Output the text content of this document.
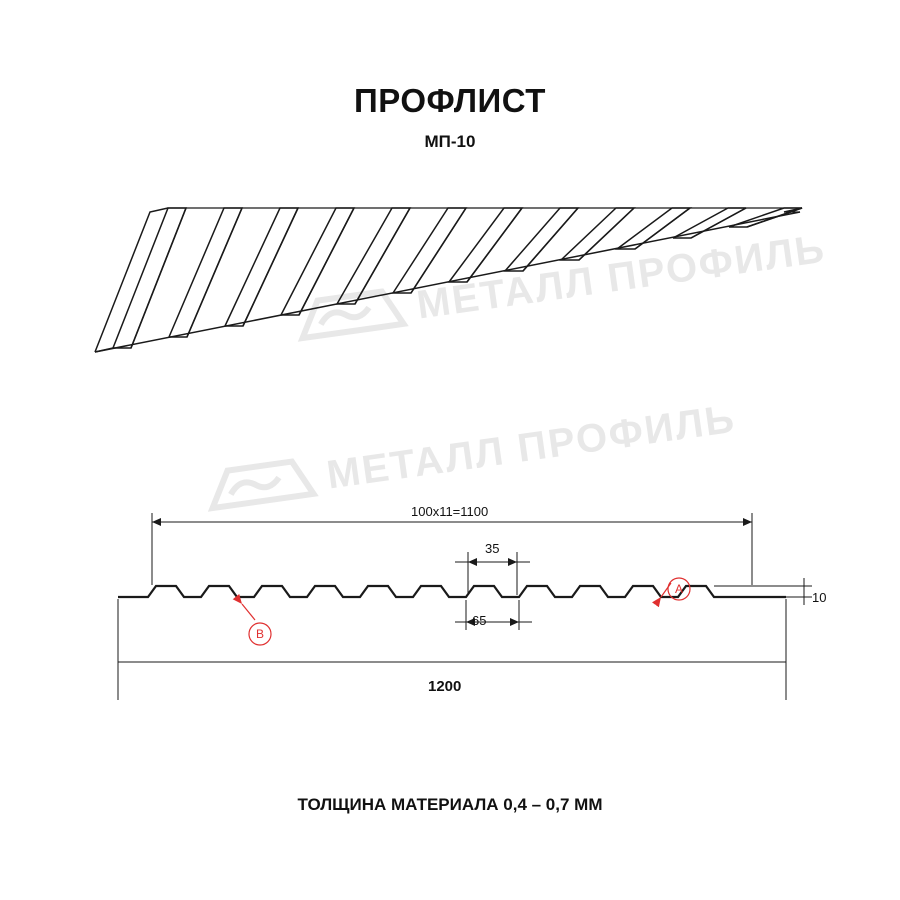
ПРОФЛИСТ
МП-10
ТОЛЩИНА МАТЕРИАЛА 0,4 – 0,7 ММ
МЕТАЛЛ ПРОФИЛЬ
МЕТАЛЛ ПРОФИЛЬ
100x11=1100
35
65
10
1200
A
B
